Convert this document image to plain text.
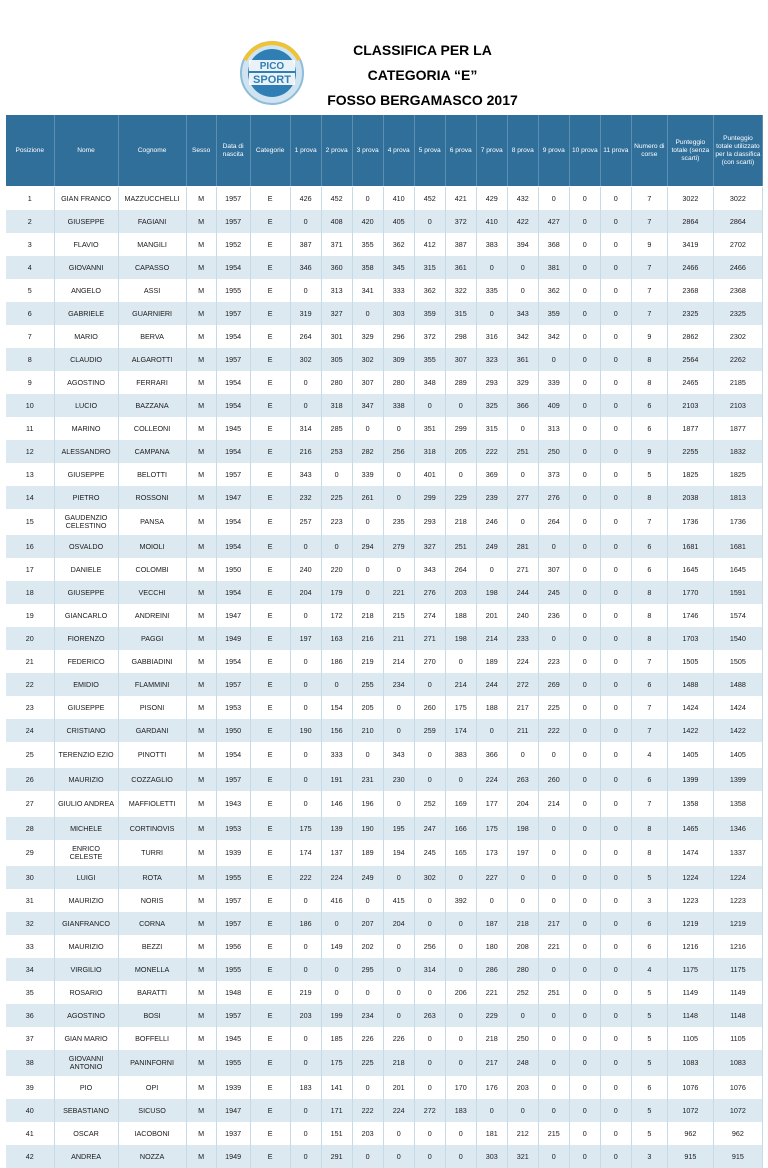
PICO
SPORT
CLASSIFICA PER LA
CATEGORIA “E”
FOSSO BERGAMASCO 2017
Posizione	Nome	Cognome	Sesso	Data di nascita	Categorie	1 prova	2 prova	3 prova	4 prova	5 prova	6 prova	7 prova	8 prova	9 prova	10 prova	11 prova	Numero di corse	Punteggio totale (senza scarti)	Punteggio totale utilizzato per la classifica (con scarti)
1	GIAN FRANCO	MAZZUCCHELLI	M	1957	E	426	452	0	410	452	421	429	432	0	0	0	7	3022	3022
2	GIUSEPPE	FAGIANI	M	1957	E	0	408	420	405	0	372	410	422	427	0	0	7	2864	2864
3	FLAVIO	MANGILI	M	1952	E	387	371	355	362	412	387	383	394	368	0	0	9	3419	2702
4	GIOVANNI	CAPASSO	M	1954	E	346	360	358	345	315	361	0	0	381	0	0	7	2466	2466
5	ANGELO	ASSI	M	1955	E	0	313	341	333	362	322	335	0	362	0	0	7	2368	2368
6	GABRIELE	GUARNIERI	M	1957	E	319	327	0	303	359	315	0	343	359	0	0	7	2325	2325
7	MARIO	BERVA	M	1954	E	264	301	329	296	372	298	316	342	342	0	0	9	2862	2302
8	CLAUDIO	ALGAROTTI	M	1957	E	302	305	302	309	355	307	323	361	0	0	0	8	2564	2262
9	AGOSTINO	FERRARI	M	1954	E	0	280	307	280	348	289	293	329	339	0	0	8	2465	2185
10	LUCIO	BAZZANA	M	1954	E	0	318	347	338	0	0	325	366	409	0	0	6	2103	2103
11	MARINO	COLLEONI	M	1945	E	314	285	0	0	351	299	315	0	313	0	0	6	1877	1877
12	ALESSANDRO	CAMPANA	M	1954	E	216	253	282	256	318	205	222	251	250	0	0	9	2255	1832
13	GIUSEPPE	BELOTTI	M	1957	E	343	0	339	0	401	0	369	0	373	0	0	5	1825	1825
14	PIETRO	ROSSONI	M	1947	E	232	225	261	0	299	229	239	277	276	0	0	8	2038	1813
15	GAUDENZIO CELESTINO	PANSA	M	1954	E	257	223	0	235	293	218	246	0	264	0	0	7	1736	1736
16	OSVALDO	MOIOLI	M	1954	E	0	0	294	279	327	251	249	281	0	0	0	6	1681	1681
17	DANIELE	COLOMBI	M	1950	E	240	220	0	0	343	264	0	271	307	0	0	6	1645	1645
18	GIUSEPPE	VECCHI	M	1954	E	204	179	0	221	276	203	198	244	245	0	0	8	1770	1591
19	GIANCARLO	ANDREINI	M	1947	E	0	172	218	215	274	188	201	240	236	0	0	8	1746	1574
20	FIORENZO	PAGGI	M	1949	E	197	163	216	211	271	198	214	233	0	0	0	8	1703	1540
21	FEDERICO	GABBIADINI	M	1954	E	0	186	219	214	270	0	189	224	223	0	0	7	1505	1505
22	EMIDIO	FLAMMINI	M	1957	E	0	0	255	234	0	214	244	272	269	0	0	6	1488	1488
23	GIUSEPPE	PISONI	M	1953	E	0	154	205	0	260	175	188	217	225	0	0	7	1424	1424
24	CRISTIANO	GARDANI	M	1950	E	190	156	210	0	259	174	0	211	222	0	0	7	1422	1422
25	TERENZIO EZIO	PINOTTI	M	1954	E	0	333	0	343	0	383	366	0	0	0	0	4	1405	1405
26	MAURIZIO	COZZAGLIO	M	1957	E	0	191	231	230	0	0	224	263	260	0	0	6	1399	1399
27	GIULIO ANDREA	MAFFIOLETTI	M	1943	E	0	146	196	0	252	169	177	204	214	0	0	7	1358	1358
28	MICHELE	CORTINOVIS	M	1953	E	175	139	190	195	247	166	175	198	0	0	0	8	1465	1346
29	ENRICO CELESTE	TURRI	M	1939	E	174	137	189	194	245	165	173	197	0	0	0	8	1474	1337
30	LUIGI	ROTA	M	1955	E	222	224	249	0	302	0	227	0	0	0	0	5	1224	1224
31	MAURIZIO	NORIS	M	1957	E	0	416	0	415	0	392	0	0	0	0	0	3	1223	1223
32	GIANFRANCO	CORNA	M	1957	E	186	0	207	204	0	0	187	218	217	0	0	6	1219	1219
33	MAURIZIO	BEZZI	M	1956	E	0	149	202	0	256	0	180	208	221	0	0	6	1216	1216
34	VIRGILIO	MONELLA	M	1955	E	0	0	295	0	314	0	286	280	0	0	0	4	1175	1175
35	ROSARIO	BARATTI	M	1948	E	219	0	0	0	0	206	221	252	251	0	0	5	1149	1149
36	AGOSTINO	BOSI	M	1957	E	203	199	234	0	263	0	229	0	0	0	0	5	1148	1148
37	GIAN MARIO	BOFFELLI	M	1945	E	0	185	226	226	0	0	218	250	0	0	0	5	1105	1105
38	GIOVANNI ANTONIO	PANINFORNI	M	1955	E	0	175	225	218	0	0	217	248	0	0	0	5	1083	1083
39	PIO	OPI	M	1939	E	183	141	0	201	0	170	176	203	0	0	0	6	1076	1076
40	SEBASTIANO	SICUSO	M	1947	E	0	171	222	224	272	183	0	0	0	0	0	5	1072	1072
41	OSCAR	IACOBONI	M	1937	E	0	151	203	0	0	0	181	212	215	0	0	5	962	962
42	ANDREA	NOZZA	M	1949	E	0	291	0	0	0	0	303	321	0	0	0	3	915	915
